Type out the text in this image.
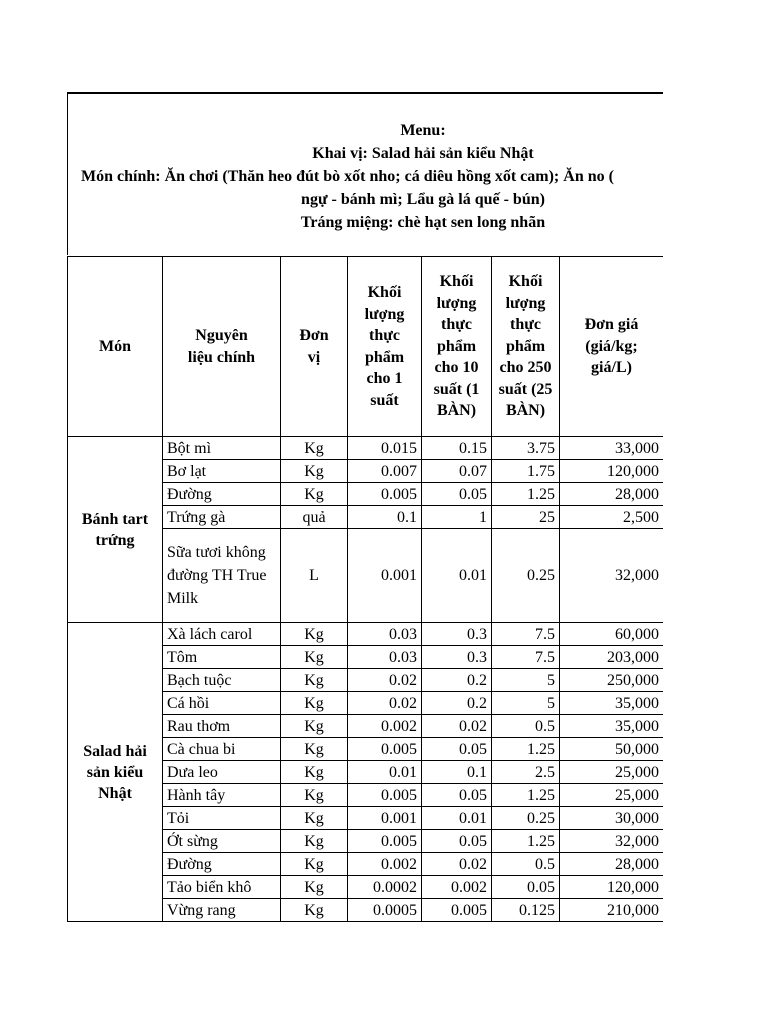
Menu:
Khai vị: Salad hải sản kiểu Nhật
Món chính: Ăn chơi (Thăn heo đút bò xốt nho; cá diêu hồng xốt cam); Ăn no (
ngự - bánh mì; Lẩu gà lá quế - bún)
Tráng miệng: chè hạt sen long nhãn
Món	Nguyên liệu chính	Đơn vị	Khối lượng thực phẩm cho 1 suất	Khối lượng thực phẩm cho 10 suất (1 BÀN)	Khối lượng thực phẩm cho 250 suất (25 BÀN)	Đơn giá (giá/kg; giá/L)
Bánh tart trứng	Bột mì	Kg	0.015	0.15	3.75	33,000
	Bơ lạt	Kg	0.007	0.07	1.75	120,000
	Đường	Kg	0.005	0.05	1.25	28,000
	Trứng gà	quả	0.1	1	25	2,500
	Sữa tươi không đường TH True Milk	L	0.001	0.01	0.25	32,000
Salad hải sản kiểu Nhật	Xà lách carol	Kg	0.03	0.3	7.5	60,000
	Tôm	Kg	0.03	0.3	7.5	203,000
	Bạch tuộc	Kg	0.02	0.2	5	250,000
	Cá hồi	Kg	0.02	0.2	5	35,000
	Rau thơm	Kg	0.002	0.02	0.5	35,000
	Cà chua bi	Kg	0.005	0.05	1.25	50,000
	Dưa leo	Kg	0.01	0.1	2.5	25,000
	Hành tây	Kg	0.005	0.05	1.25	25,000
	Tỏi	Kg	0.001	0.01	0.25	30,000
	Ớt sừng	Kg	0.005	0.05	1.25	32,000
	Đường	Kg	0.002	0.02	0.5	28,000
	Tảo biển khô	Kg	0.0002	0.002	0.05	120,000
	Vừng rang	Kg	0.0005	0.005	0.125	210,000
